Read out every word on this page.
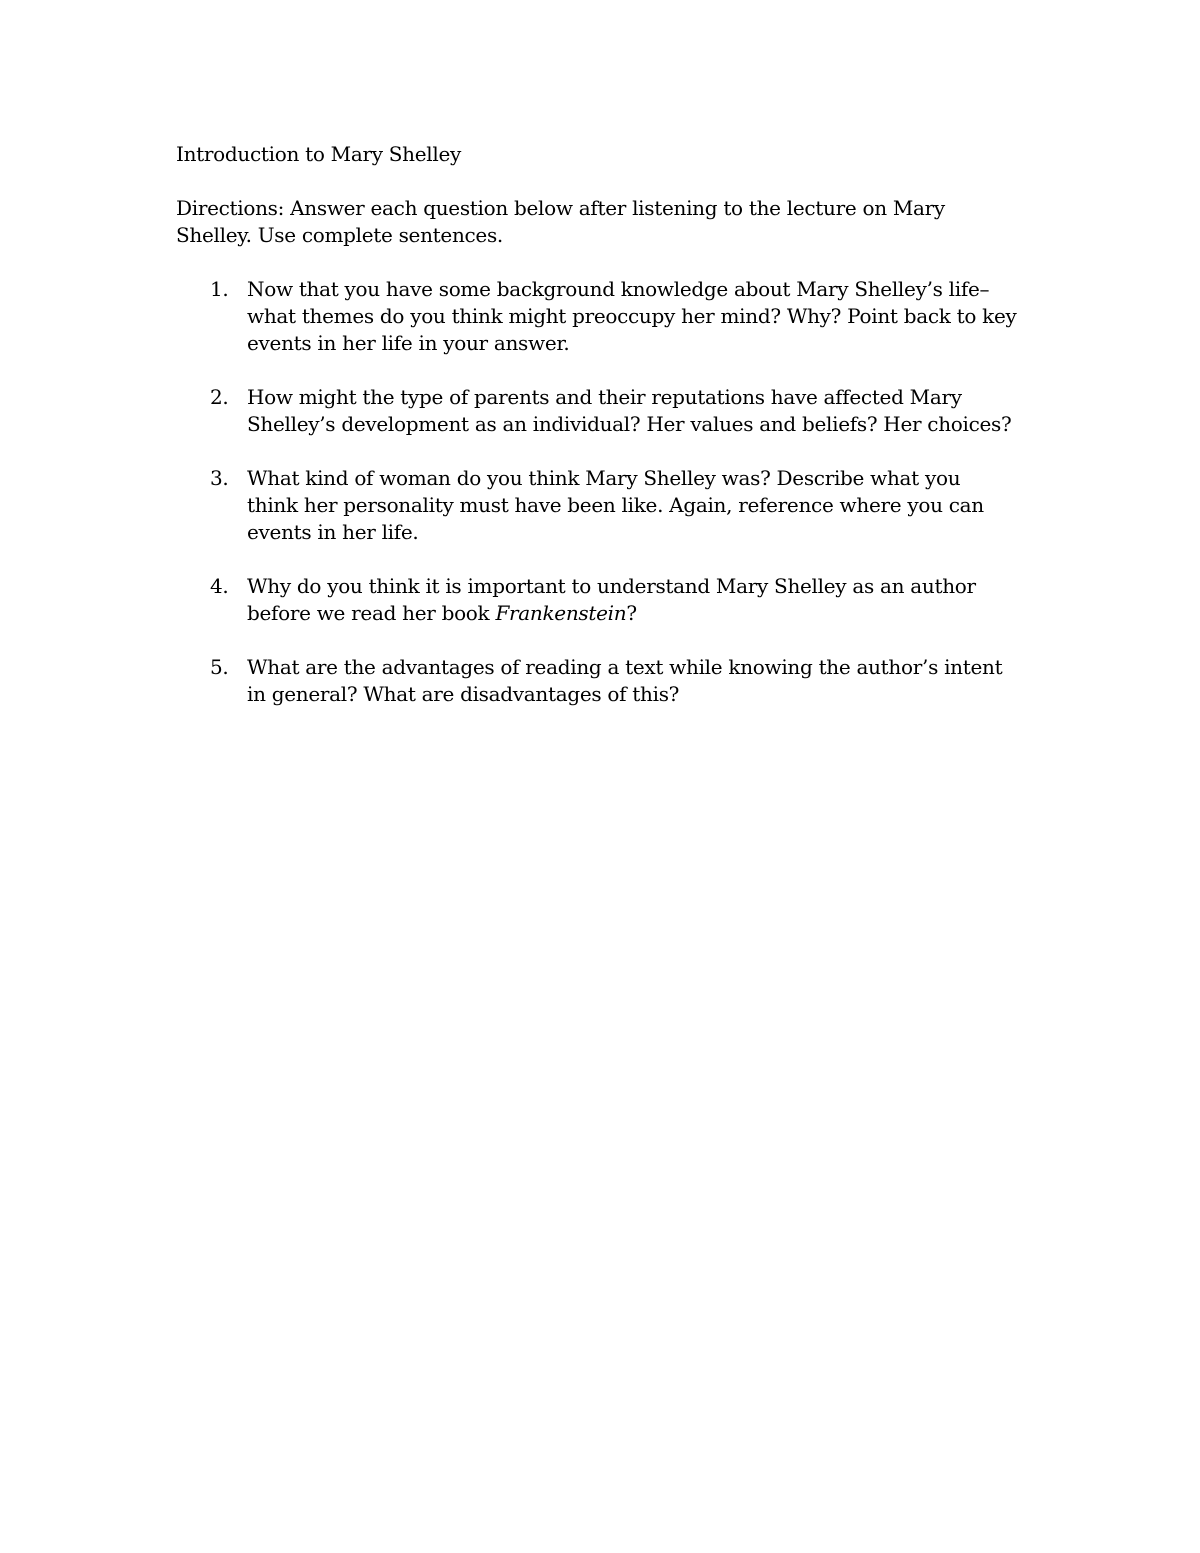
Introduction to Mary Shelley

Directions: Answer each question below after listening to the lecture on Mary Shelley. Use complete sentences.

1. Now that you have some background knowledge about Mary Shelley’s life–what themes do you think might preoccupy her mind? Why? Point back to key events in her life in your answer.
2. How might the type of parents and their reputations have affected Mary Shelley’s development as an individual? Her values and beliefs? Her choices?
3. What kind of woman do you think Mary Shelley was? Describe what you think her personality must have been like. Again, reference where you can events in her life.
4. Why do you think it is important to understand Mary Shelley as an author before we read her book Frankenstein?
5. What are the advantages of reading a text while knowing the author’s intent in general? What are disadvantages of this?
